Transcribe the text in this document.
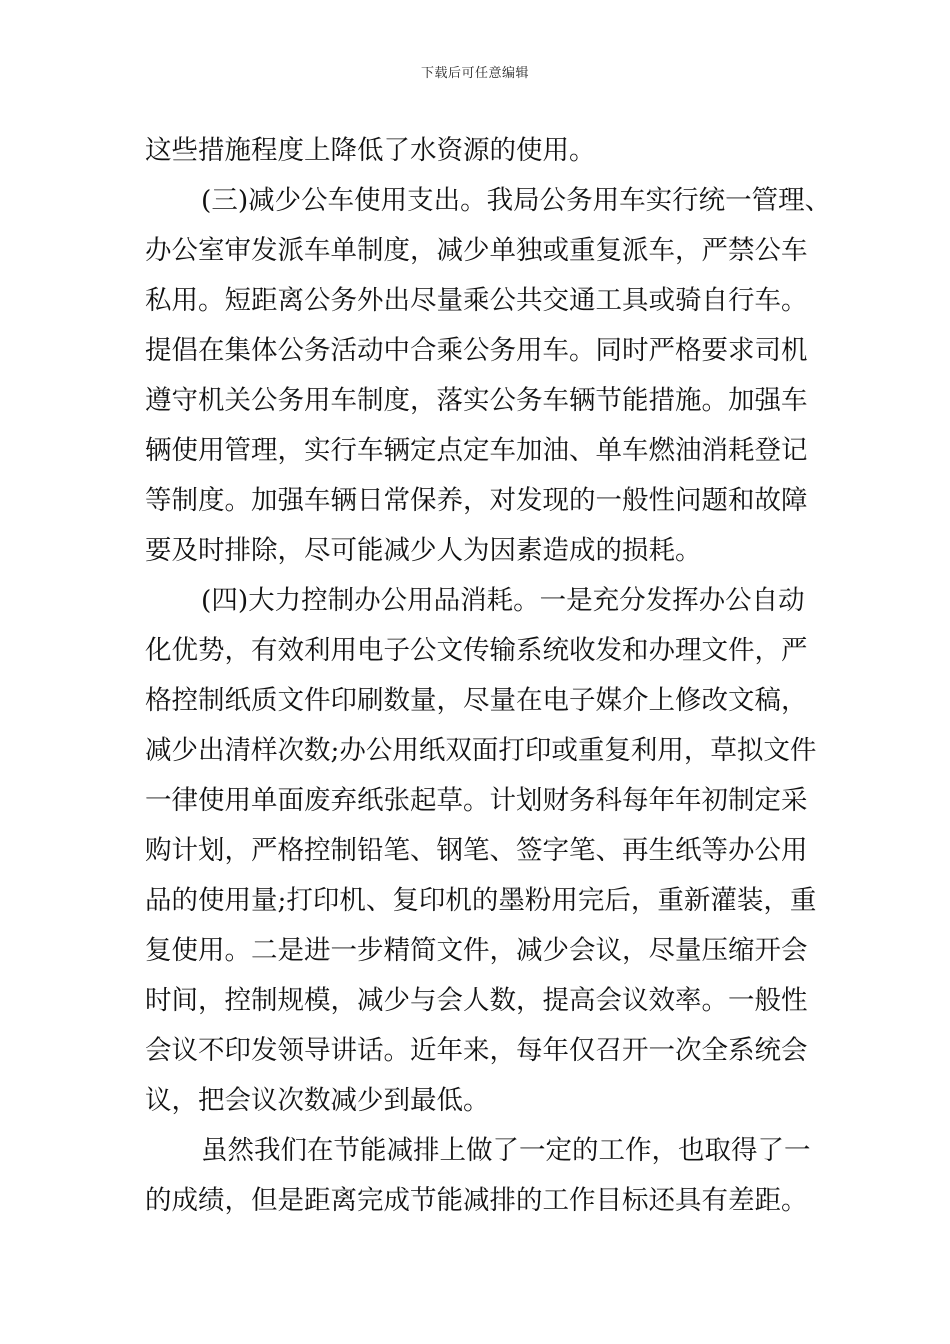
下载后可任意编辑
这些措施程度上降低了水资源的使用。
(三)减少公车使用支出。我局公务用车实行统一管理、
办公室审发派车单制度，减少单独或重复派车，严禁公车
私用。短距离公务外出尽量乘公共交通工具或骑自行车。
提倡在集体公务活动中合乘公务用车。同时严格要求司机
遵守机关公务用车制度，落实公务车辆节能措施。加强车
辆使用管理，实行车辆定点定车加油、单车燃油消耗登记
等制度。加强车辆日常保养，对发现的一般性问题和故障
要及时排除，尽可能减少人为因素造成的损耗。
(四)大力控制办公用品消耗。一是充分发挥办公自动
化优势，有效利用电子公文传输系统收发和办理文件，严
格控制纸质文件印刷数量，尽量在电子媒介上修改文稿，
减少出清样次数;办公用纸双面打印或重复利用，草拟文件
一律使用单面废弃纸张起草。计划财务科每年年初制定采
购计划，严格控制铅笔、钢笔、签字笔、再生纸等办公用
品的使用量;打印机、复印机的墨粉用完后，重新灌装，重
复使用。二是进一步精简文件，减少会议，尽量压缩开会
时间，控制规模，减少与会人数，提高会议效率。一般性
会议不印发领导讲话。近年来，每年仅召开一次全系统会
议，把会议次数减少到最低。
虽然我们在节能减排上做了一定的工作，也取得了一
的成绩，但是距离完成节能减排的工作目标还具有差距。
